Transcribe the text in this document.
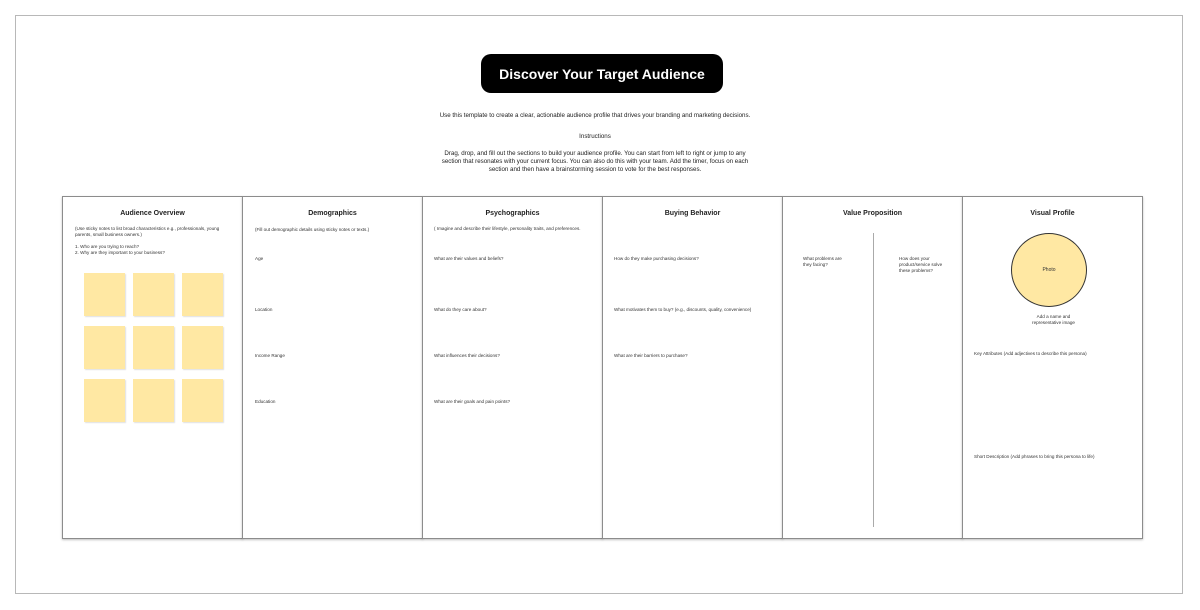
Discover Your Target Audience
Use this template to create a clear, actionable audience profile that drives your branding and marketing decisions.
Instructions
Drag, drop, and fill out the sections to build your audience profile. You can start from left to right or jump to any
section that resonates with your current focus. You can also do this with your team. Add the timer, focus on each
section and then have a brainstorming session to vote for the best responses.
Audience Overview
(Use sticky notes to list broad characteristics e.g., professionals, young
parents, small business owners.)
1. Who are you trying to reach?
2. Why are they important to your business?
Demographics
(Fill out demographic details using sticky notes or texts.)
Age
Location
Income Range
Education
Psychographics
( Imagine and describe their lifestyle, personality traits, and preferences.
What are their values and beliefs?
What do they care about?
What influences their decisions?
What are their goals and pain points?
Buying Behavior
How do they make purchasing decisions?
What motivates them to buy? (e.g., discounts, quality, convenience)
What are their barriers to purchase?
Value Proposition
What problems are
they facing?
How does your
product/service solve
these problems?
Visual Profile
Photo
Add a name and
representative image
Key Attributes (Add adjectives to describe this persona)
Short Description (Add phrases to bring this persona to life)
